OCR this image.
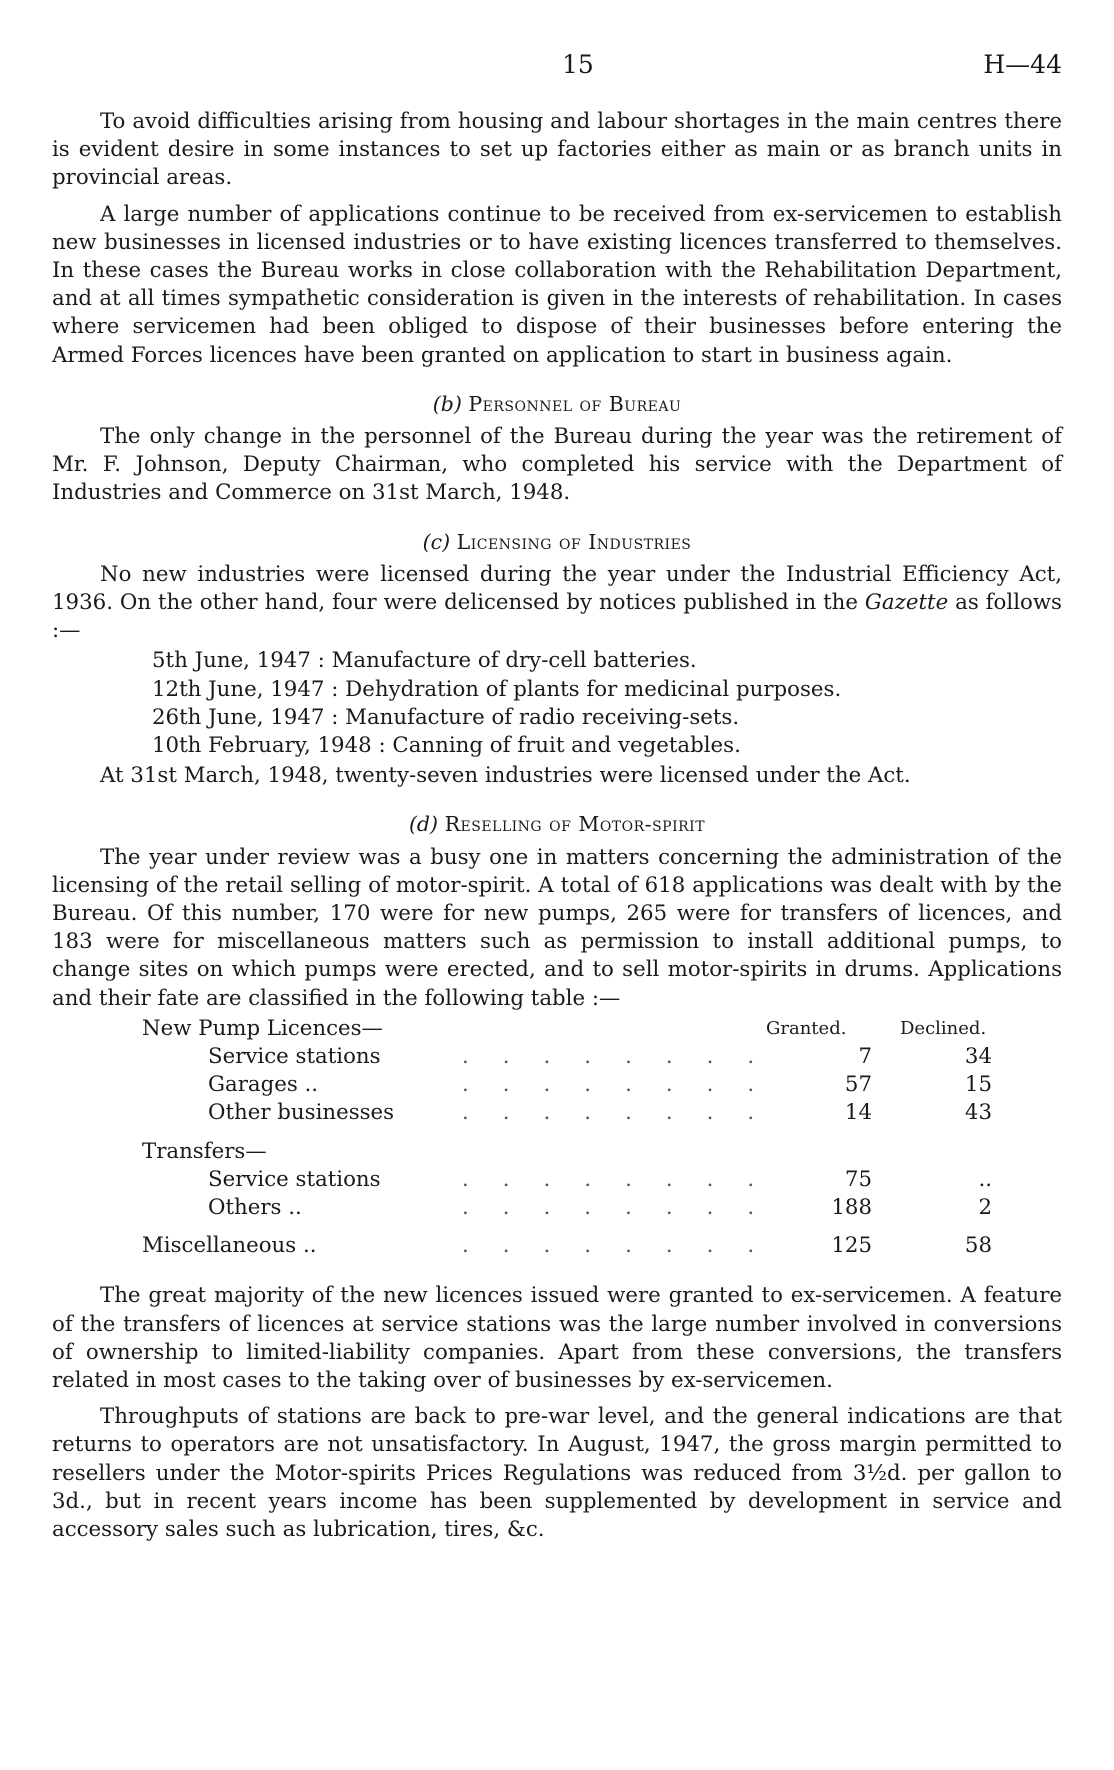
15	H—44

To avoid difficulties arising from housing and labour shortages in the main centres there is evident desire in some instances to set up factories either as main or as branch units in provincial areas.

A large number of applications continue to be received from ex-servicemen to establish new businesses in licensed industries or to have existing licences transferred to themselves. In these cases the Bureau works in close collaboration with the Rehabilitation Department, and at all times sympathetic consideration is given in the interests of rehabilitation. In cases where servicemen had been obliged to dispose of their businesses before entering the Armed Forces licences have been granted on application to start in business again.

(b) Personnel of Bureau

The only change in the personnel of the Bureau during the year was the retirement of Mr. F. Johnson, Deputy Chairman, who completed his service with the Department of Industries and Commerce on 31st March, 1948.

(c) Licensing of Industries

No new industries were licensed during the year under the Industrial Efficiency Act, 1936. On the other hand, four were delicensed by notices published in the Gazette as follows :—

5th June, 1947 : Manufacture of dry-cell batteries.
12th June, 1947 : Dehydration of plants for medicinal purposes.
26th June, 1947 : Manufacture of radio receiving-sets.
10th February, 1948 : Canning of fruit and vegetables.

At 31st March, 1948, twenty-seven industries were licensed under the Act.

(d) Reselling of Motor-spirit

The year under review was a busy one in matters concerning the administration of the licensing of the retail selling of motor-spirit. A total of 618 applications was dealt with by the Bureau. Of this number, 170 were for new pumps, 265 were for transfers of licences, and 183 were for miscellaneous matters such as permission to install additional pumps, to change sites on which pumps were erected, and to sell motor-spirits in drums. Applications and their fate are classified in the following table :—

New Pump Licences—	Granted.	Declined.
Service stations	........	7	34
Garages ..	........	57	15
Other businesses	........	14	43
Transfers—
Service stations	........	75	..
Others ..	........	188	2
Miscellaneous ..	........	125	58

The great majority of the new licences issued were granted to ex-servicemen. A feature of the transfers of licences at service stations was the large number involved in conversions of ownership to limited-liability companies. Apart from these conversions, the transfers related in most cases to the taking over of businesses by ex-servicemen.

Throughputs of stations are back to pre-war level, and the general indications are that returns to operators are not unsatisfactory. In August, 1947, the gross margin permitted to resellers under the Motor-spirits Prices Regulations was reduced from 3½d. per gallon to 3d., but in recent years income has been supplemented by development in service and accessory sales such as lubrication, tires, &c.
